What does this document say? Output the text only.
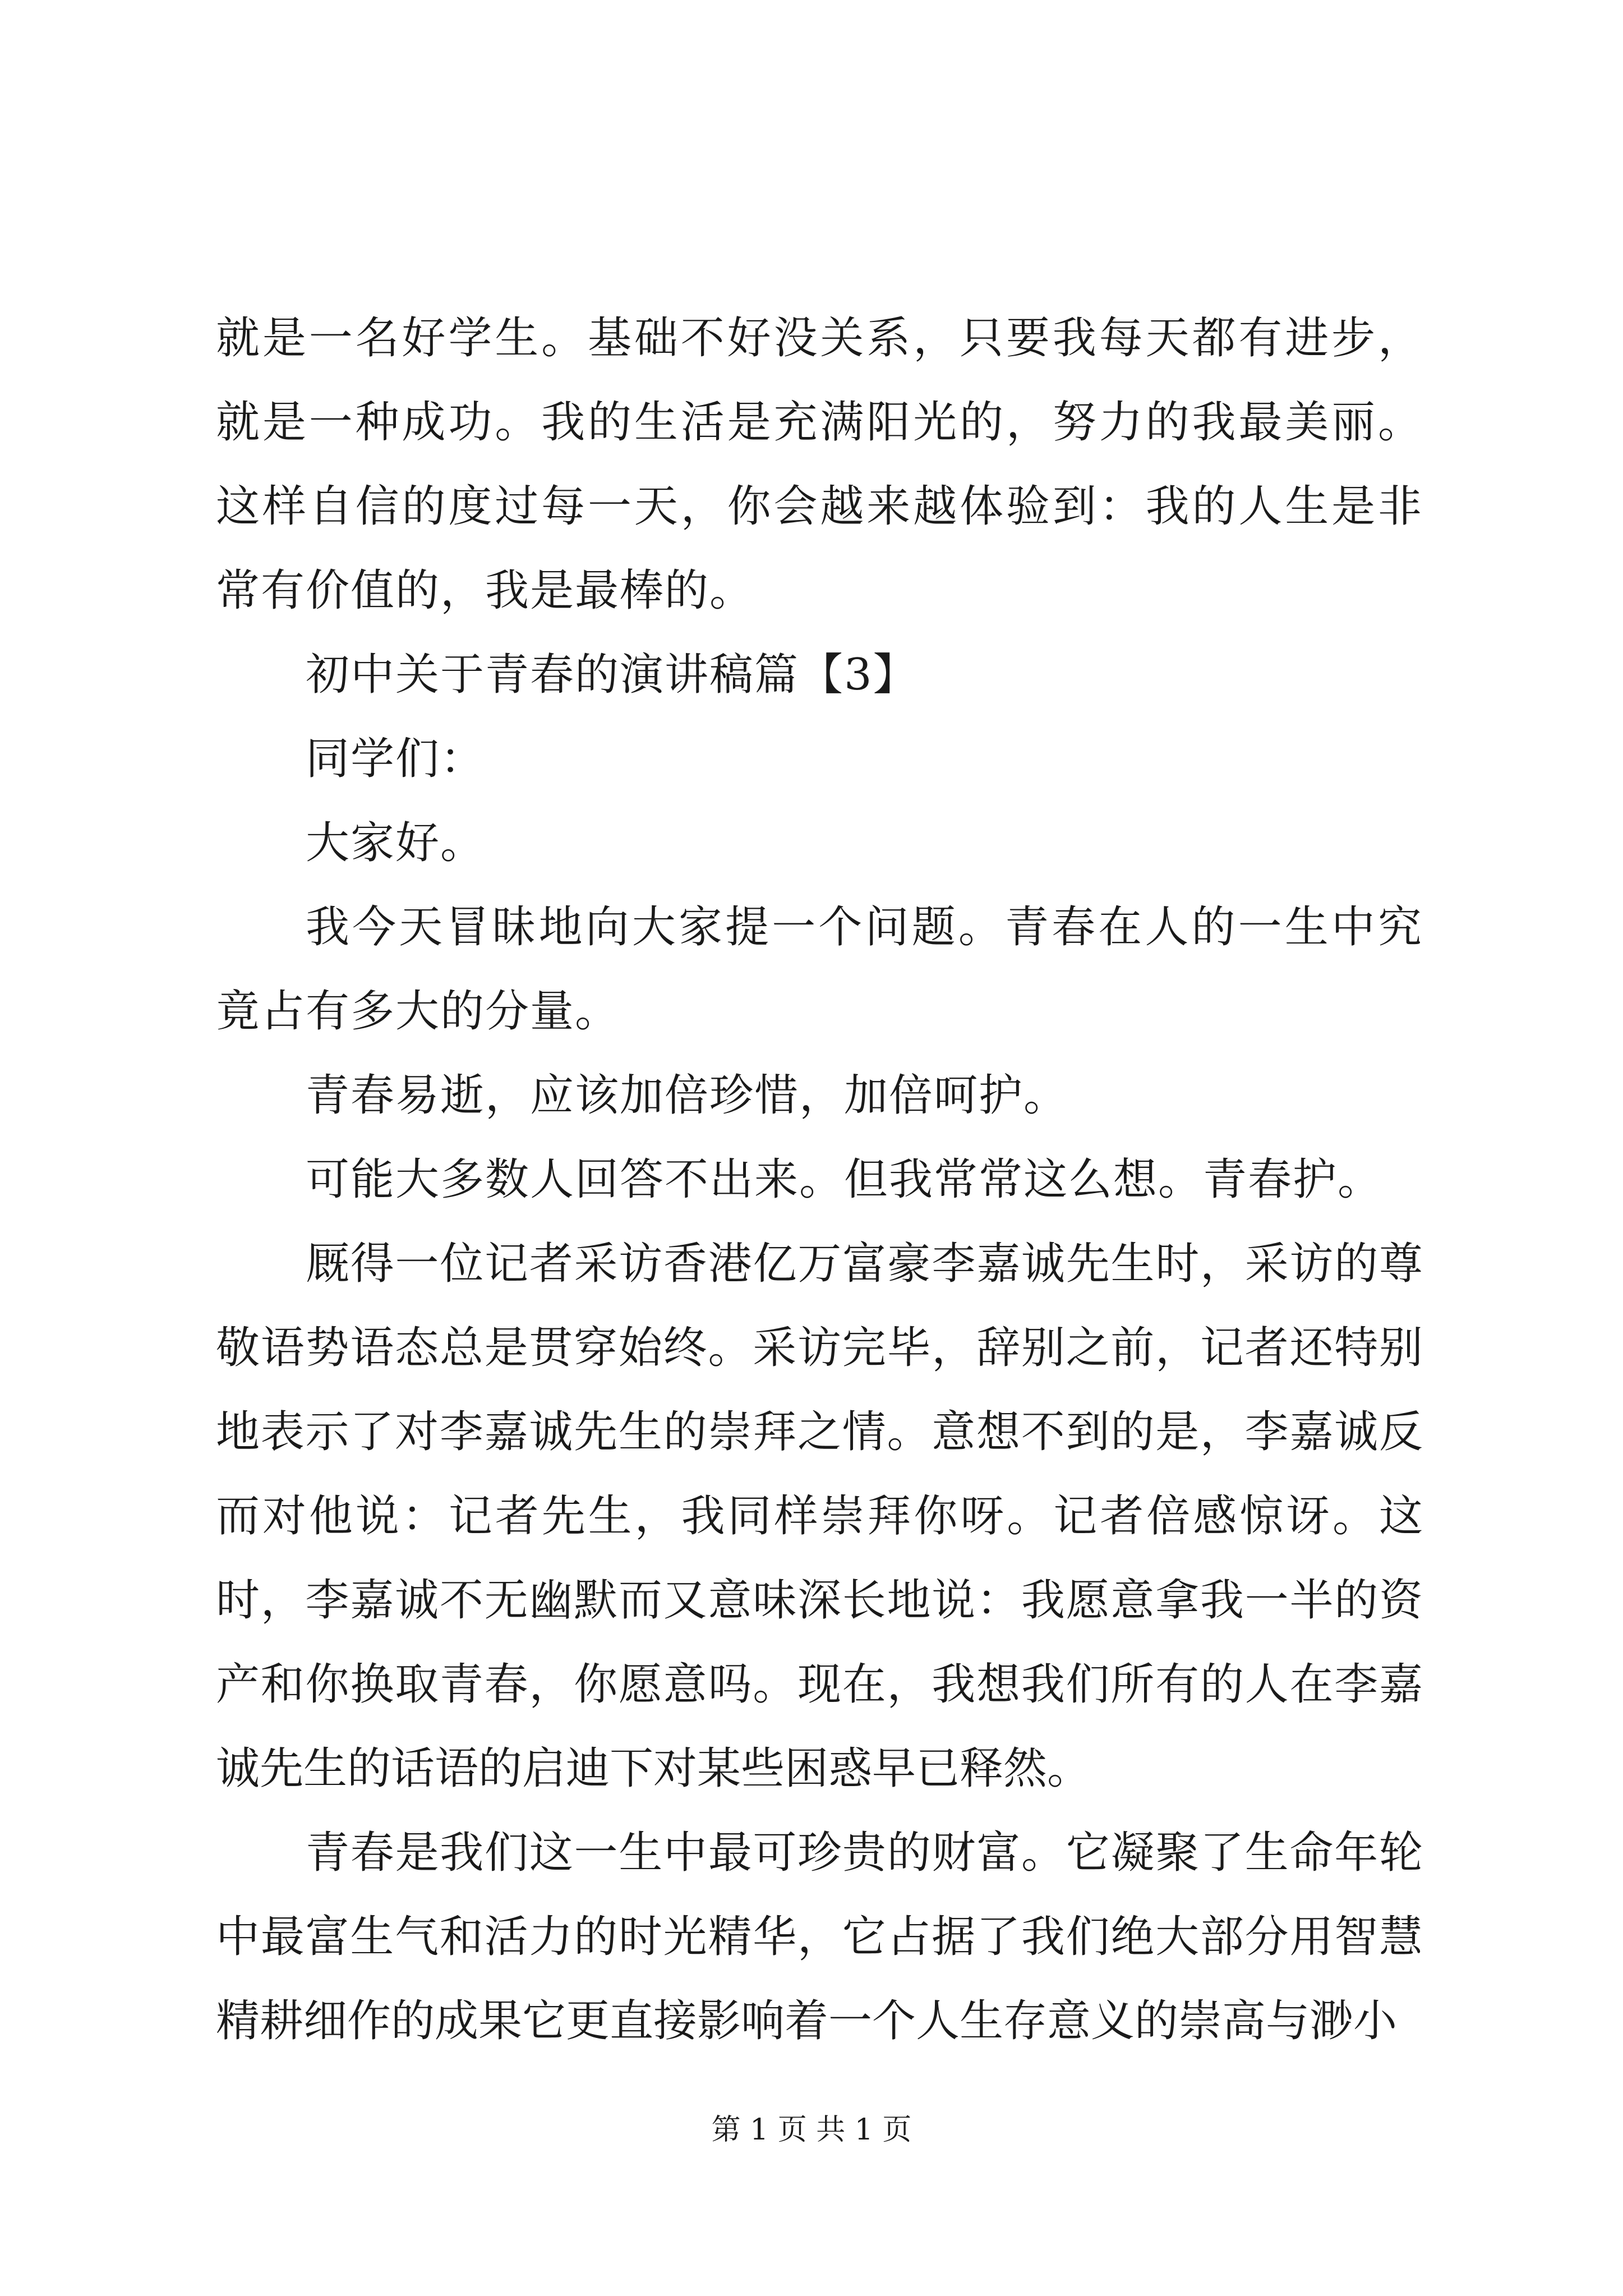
就是一名好学生。基础不好没关系，只要我每天都有进步，就是一种成功。我的生活是充满阳光的，努力的我最美丽。这样自信的度过每一天，你会越来越体验到：我的人生是非常有价值的，我是最棒的。

初中关于青春的演讲稿篇【3】

同学们：

大家好。

我今天冒昧地向大家提一个问题。青春在人的一生中究竟占有多大的分量。

青春易逝，应该加倍珍惜，加倍呵护。

可能大多数人回答不出来。但我常常这么想。青春护。

厩得一位记者采访香港亿万富豪李嘉诚先生时，采访的尊敬语势语态总是贯穿始终。采访完毕，辞别之前，记者还特别地表示了对李嘉诚先生的崇拜之情。意想不到的是，李嘉诚反而对他说：记者先生，我同样崇拜你呀。记者倍感惊讶。这时，李嘉诚不无幽默而又意味深长地说：我愿意拿我一半的资产和你换取青春，你愿意吗。现在，我想我们所有的人在李嘉诚先生的话语的启迪下对某些困惑早已释然。

青春是我们这一生中最可珍贵的财富。它凝聚了生命年轮中最富生气和活力的时光精华，它占据了我们绝大部分用智慧精耕细作的成果它更直接影响着一个人生存意义的崇高与渺小

第 1 页 共 1 页
